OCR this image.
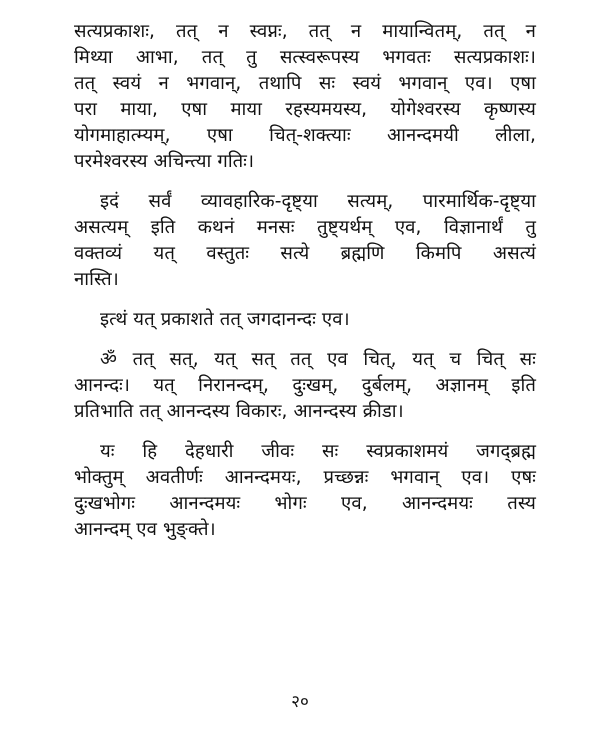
सत्यप्रकाशः, तत् न स्वप्नः, तत् न मायान्वितम्, तत् न
मिथ्या आभा, तत् तु सत्स्वरूपस्य भगवतः सत्यप्रकाशः।
तत् स्वयं न भगवान्, तथापि सः स्वयं भगवान् एव। एषा
परा माया, एषा माया रहस्यमयस्य, योगेश्वरस्य कृष्णस्य
योगमाहात्म्यम्, एषा चित्-शक्त्याः आनन्दमयी लीला,
परमेश्वरस्य अचिन्त्या गतिः।
इदं सर्वं व्यावहारिक-दृष्ट्या सत्यम्, पारमार्थिक-दृष्ट्या
असत्यम् इति कथनं मनसः तुष्ट्यर्थम् एव, विज्ञानार्थं तु
वक्तव्यं यत् वस्तुतः सत्ये ब्रह्मणि किमपि असत्यं
नास्ति।
इत्थं यत् प्रकाशते तत् जगदानन्दः एव।
ॐ तत् सत्, यत् सत् तत् एव चित्, यत् च चित् सः
आनन्दः। यत् निरानन्दम्, दुःखम्, दुर्बलम्, अज्ञानम् इति
प्रतिभाति तत् आनन्दस्य विकारः, आनन्दस्य क्रीडा।
यः हि देहधारी जीवः सः स्वप्रकाशमयं जगद्ब्रह्म
भोक्तुम् अवतीर्णः आनन्दमयः, प्रच्छन्नः भगवान् एव। एषः
दुःखभोगः आनन्दमयः भोगः एव, आनन्दमयः तस्य
आनन्दम् एव भुङ्क्ते।
२०
